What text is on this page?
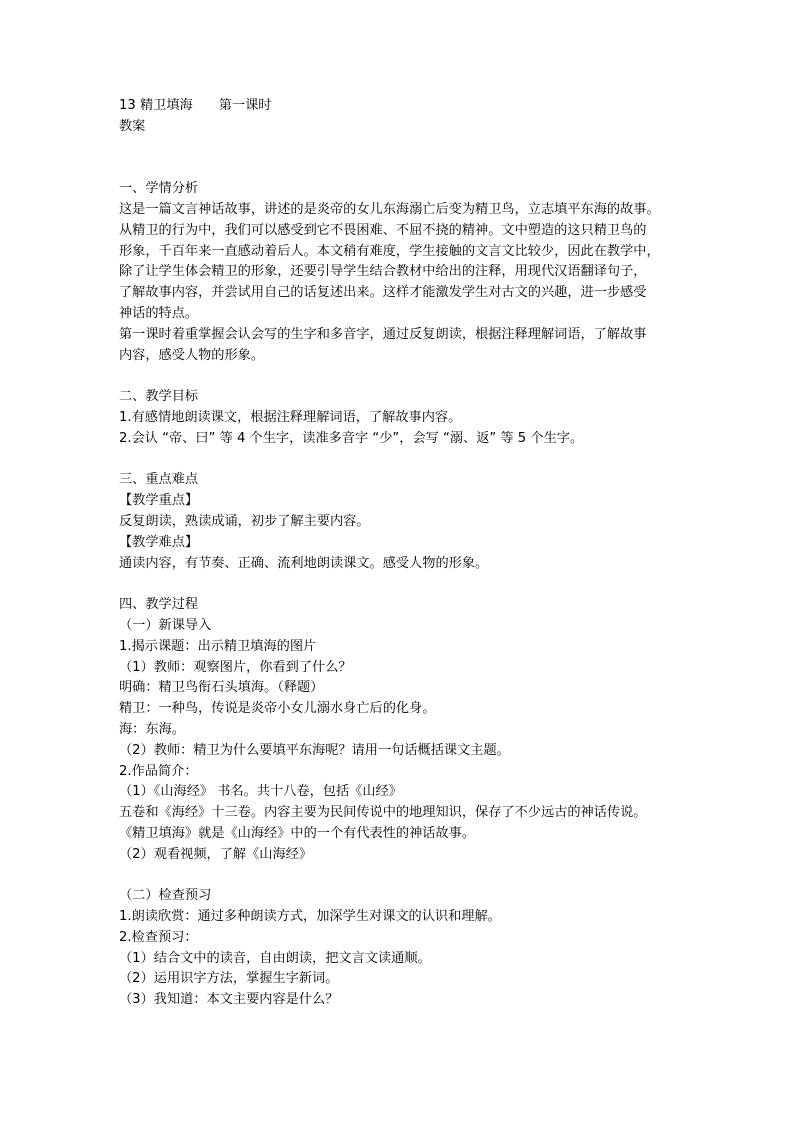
13 精卫填海 第一课时
教案
一、学情分析
这是一篇文言神话故事，讲述的是炎帝的女儿东海溺亡后变为精卫鸟，立志填平东海的故事。
从精卫的行为中，我们可以感受到它不畏困难、不屈不挠的精神。文中塑造的这只精卫鸟的
形象，千百年来一直感动着后人。本文稍有难度，学生接触的文言文比较少，因此在教学中，
除了让学生体会精卫的形象，还要引导学生结合教材中给出的注释，用现代汉语翻译句子，
了解故事内容，并尝试用自己的话复述出来。这样才能激发学生对古文的兴趣，进一步感受
神话的特点。
第一课时着重掌握会认会写的生字和多音字，通过反复朗读，根据注释理解词语，了解故事
内容，感受人物的形象。
二、教学目标
1.有感情地朗读课文，根据注释理解词语，了解故事内容。
2.会认 “帝、曰” 等 4 个生字，读准多音字 “少”，会写 “溺、返” 等 5 个生字。
三、重点难点
【教学重点】
反复朗读，熟读成诵，初步了解主要内容。
【教学难点】
通读内容，有节奏、正确、流利地朗读课文。感受人物的形象。
四、教学过程
（一）新课导入
1.揭示课题：出示精卫填海的图片
（1）教师：观察图片，你看到了什么？
明确：精卫鸟衔石头填海。（释题）
精卫：一种鸟，传说是炎帝小女儿溺水身亡后的化身。
海：东海。
（2）教师：精卫为什么要填平东海呢？请用一句话概括课文主题。
2.作品简介：
（1）《山海经》 书名。共十八卷，包括《山经》
五卷和《海经》十三卷。内容主要为民间传说中的地理知识，保存了不少远古的神话传说。
《精卫填海》就是《山海经》中的一个有代表性的神话故事。
（2）观看视频，了解《山海经》
（二）检查预习
1.朗读欣赏：通过多种朗读方式，加深学生对课文的认识和理解。
2.检查预习：
（1）结合文中的读音，自由朗读，把文言文读通顺。
（2）运用识字方法，掌握生字新词。
（3）我知道：本文主要内容是什么？
